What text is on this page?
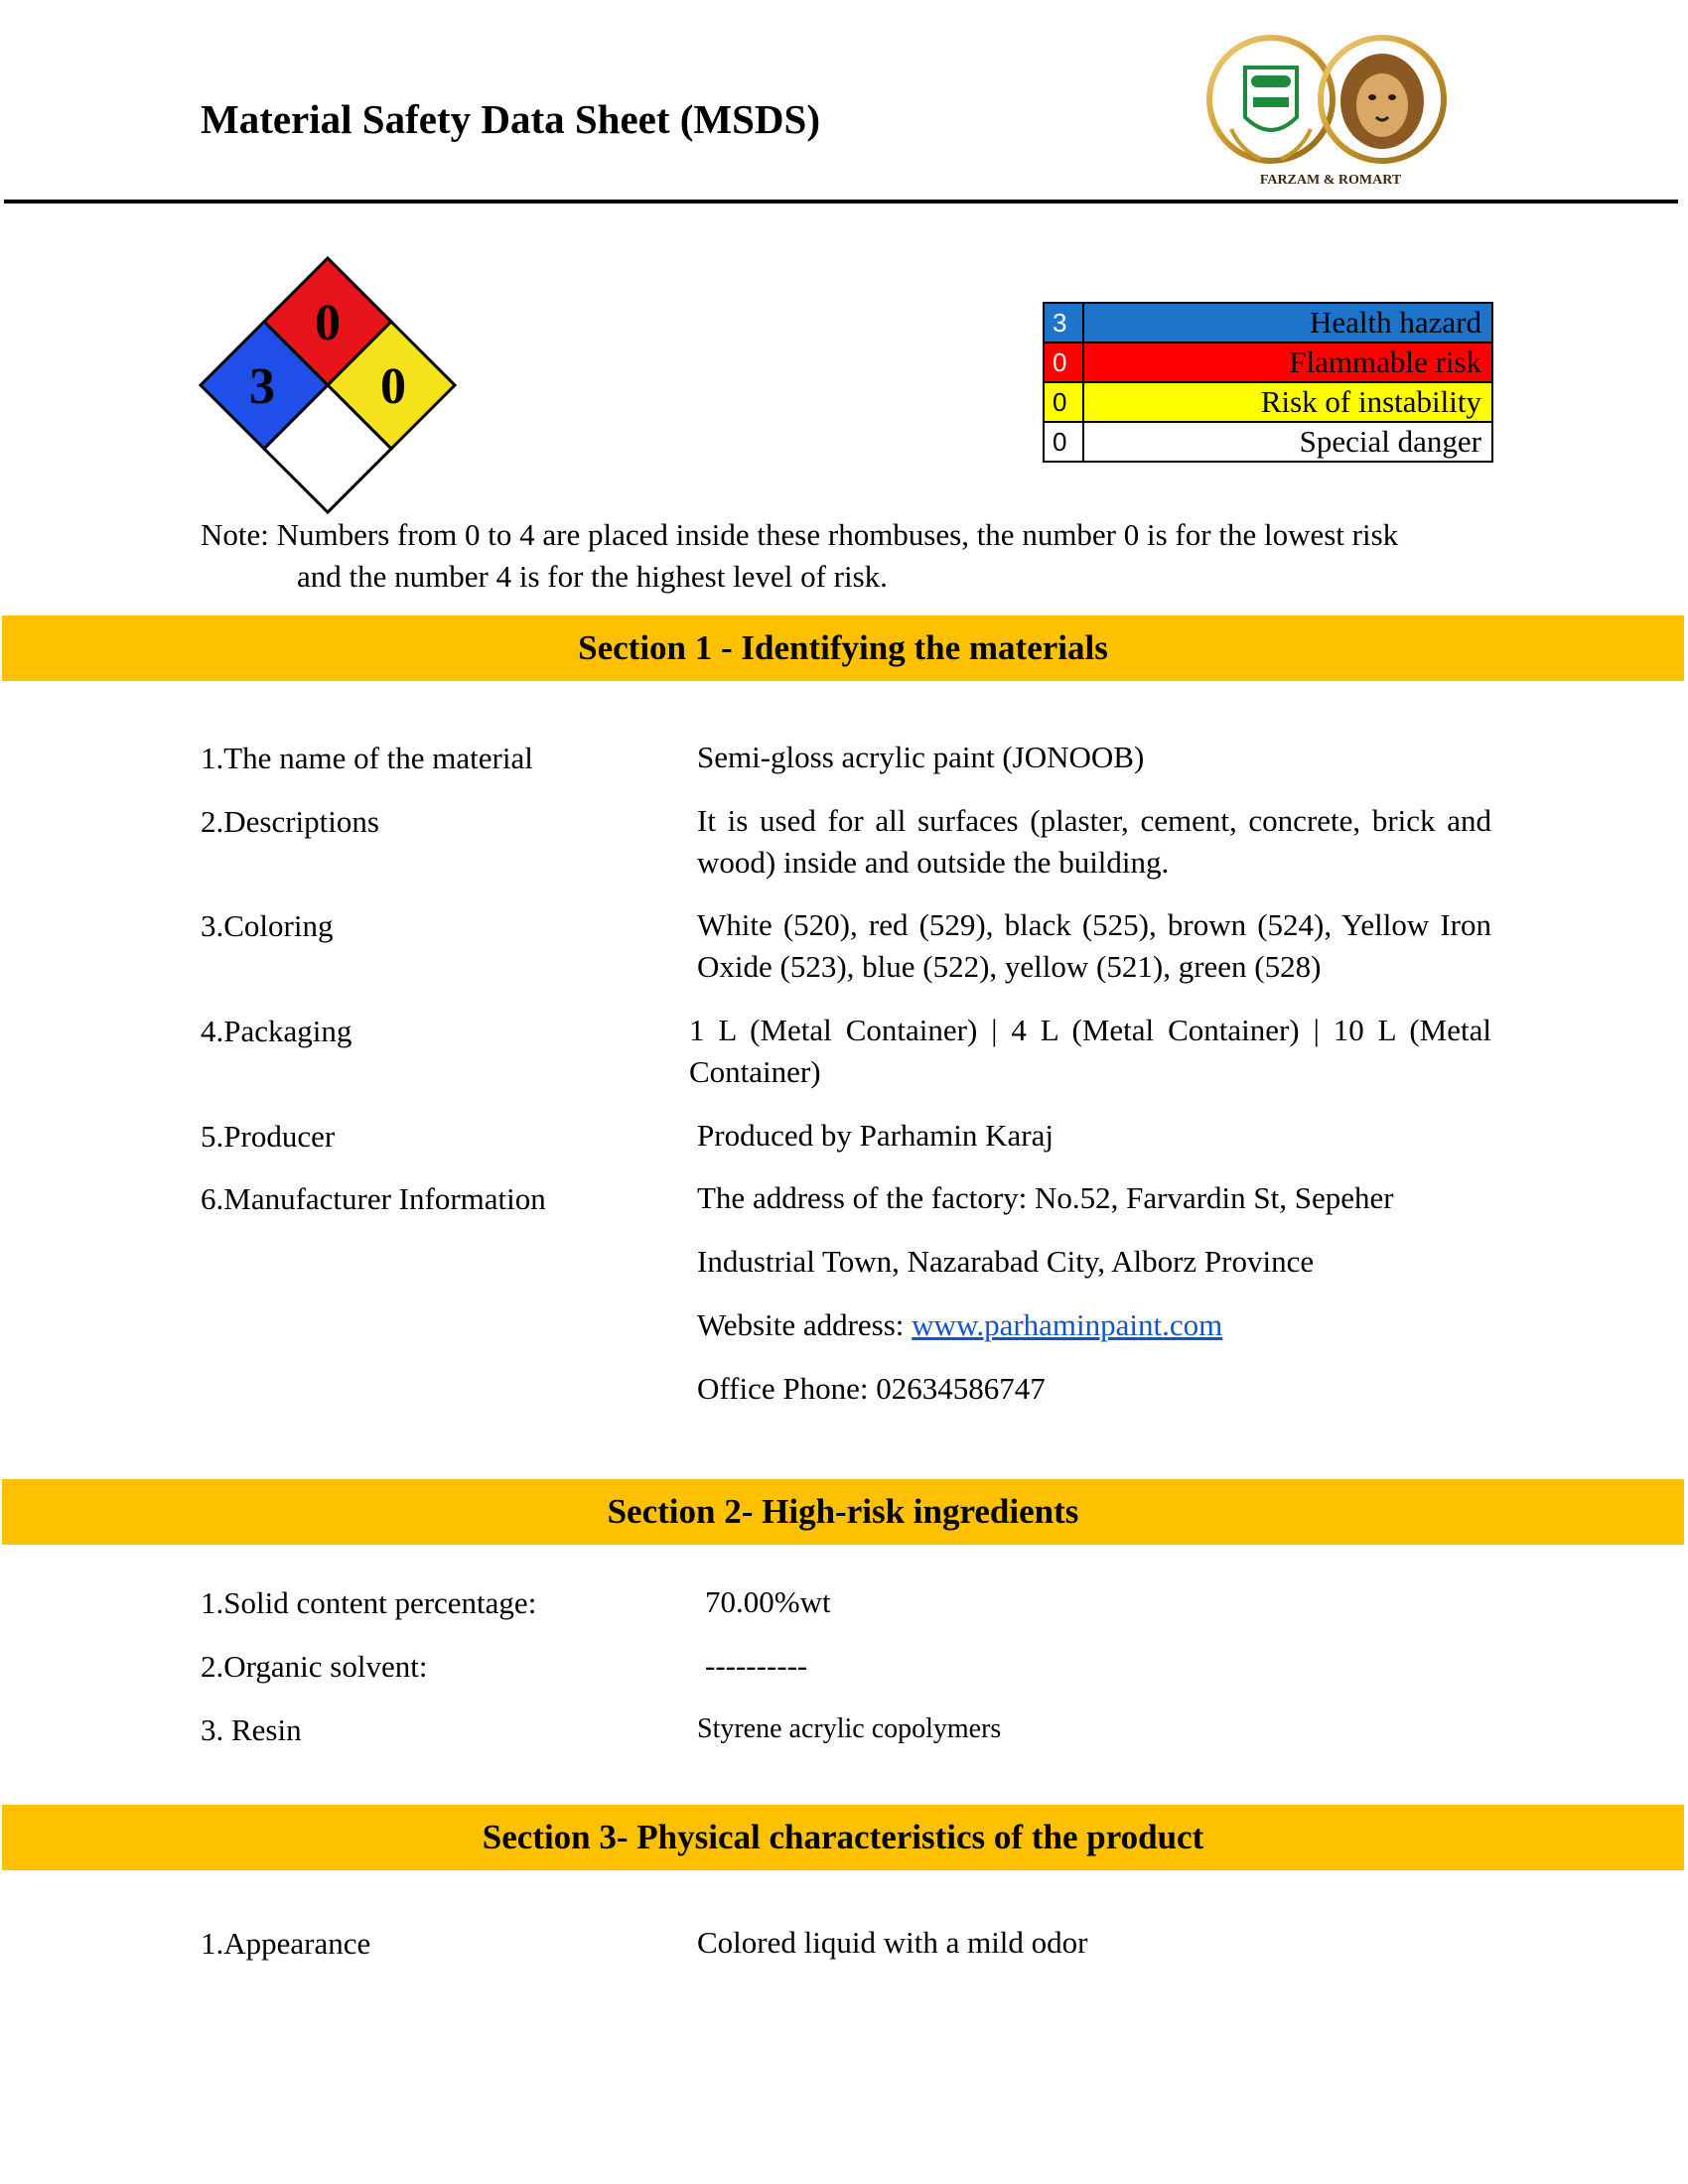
Material Safety Data Sheet (MSDS)
FARZAM & ROMART
0
3 0
3	Health hazard
0	Flammable risk
0	Risk of instability
0	Special danger
Note: Numbers from 0 to 4 are placed inside these rhombuses, the number 0 is for the lowest risk
and the number 4 is for the highest level of risk.
Section 1 - Identifying the materials
1.The name of the material	Semi-gloss acrylic paint (JONOOB)
2.Descriptions	It is used for all surfaces (plaster, cement, concrete, brick and wood) inside and outside the building.
3.Coloring	White (520), red (529), black (525), brown (524), Yellow Iron Oxide (523), blue (522), yellow (521), green (528)
4.Packaging	1 L (Metal Container) | 4 L (Metal Container) | 10 L (Metal Container)
5.Producer	Produced by Parhamin Karaj
6.Manufacturer Information	The address of the factory: No.52, Farvardin St, Sepeher
Industrial Town, Nazarabad City, Alborz Province
Website address: www.parhaminpaint.com
Office Phone: 02634586747
Section 2- High-risk ingredients
1.Solid content percentage:	70.00%wt
2.Organic solvent:	----------
3. Resin	Styrene acrylic copolymers
Section 3- Physical characteristics of the product
1.Appearance	Colored liquid with a mild odor
